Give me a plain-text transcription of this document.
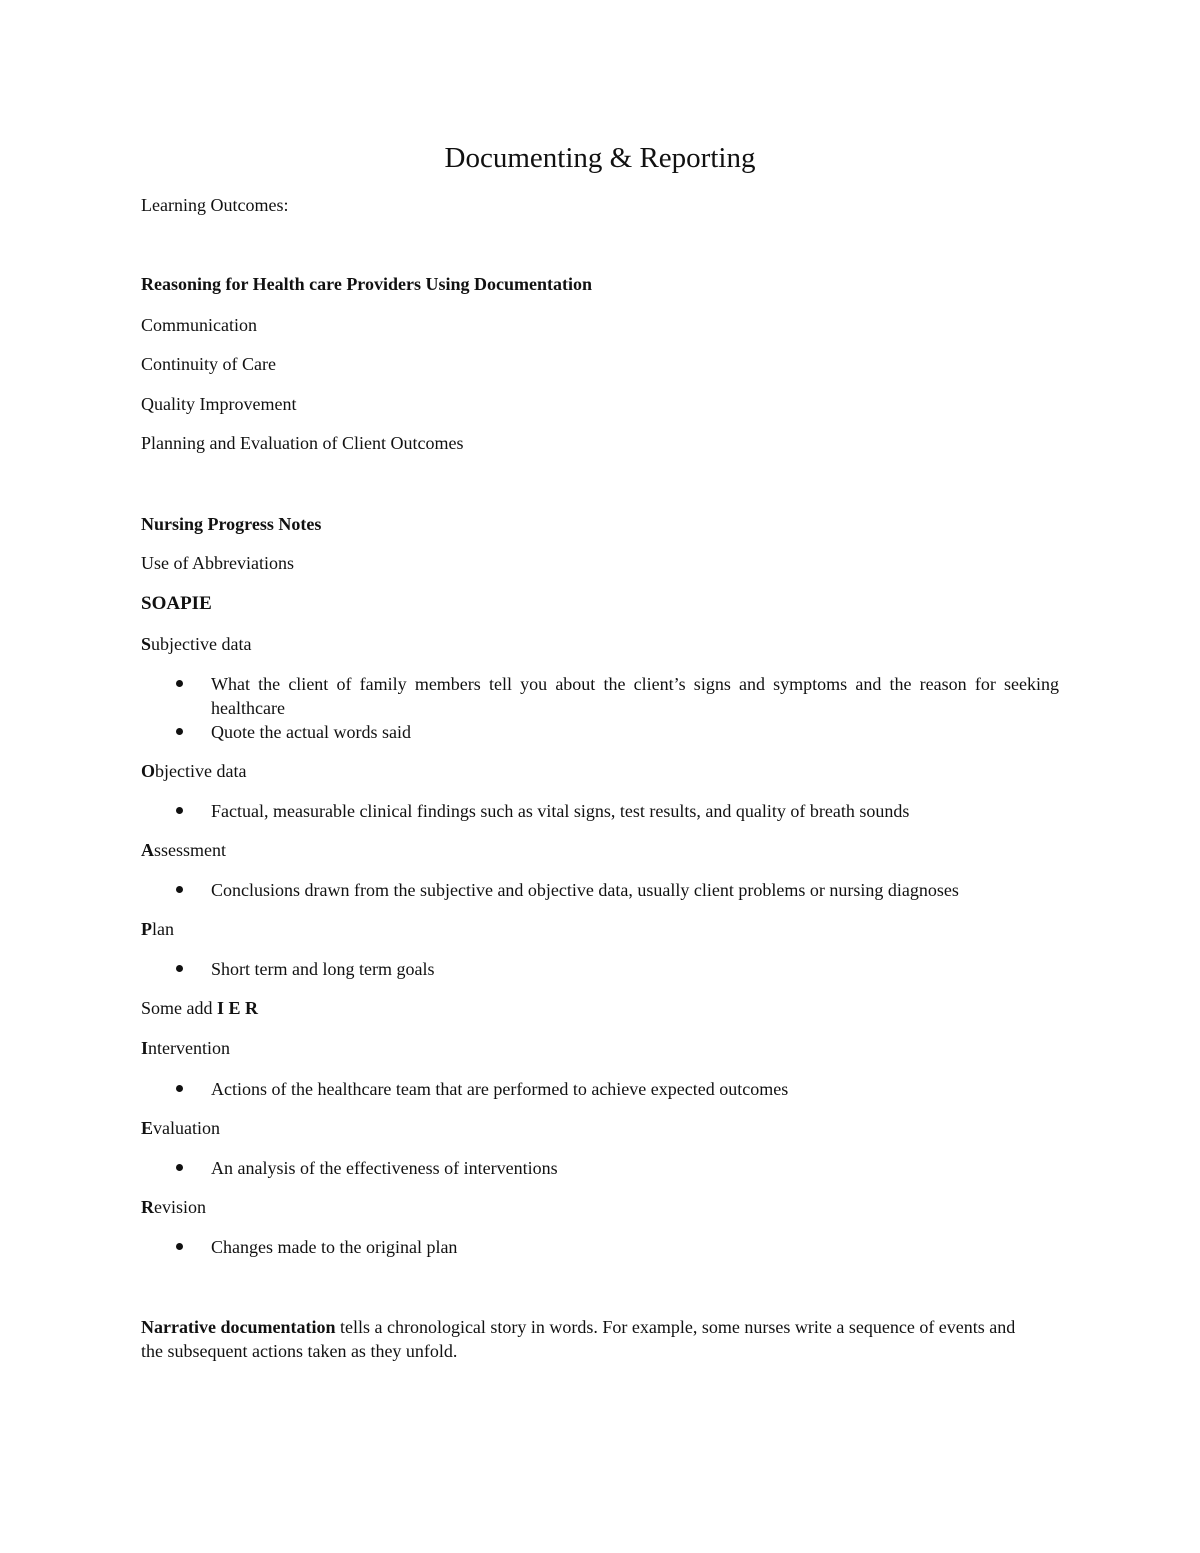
Documenting & Reporting
Learning Outcomes:
Reasoning for Health care Providers Using Documentation
Communication
Continuity of Care
Quality Improvement
Planning and Evaluation of Client Outcomes
Nursing Progress Notes
Use of Abbreviations
SOAPIE
Subjective data
What the client of family members tell you about the client’s signs and symptoms and the reason for seeking healthcare
Quote the actual words said
Objective data
Factual, measurable clinical findings such as vital signs, test results, and quality of breath sounds
Assessment
Conclusions drawn from the subjective and objective data, usually client problems or nursing diagnoses
Plan
Short term and long term goals
Some add I E R
Intervention
Actions of the healthcare team that are performed to achieve expected outcomes
Evaluation
An analysis of the effectiveness of interventions
Revision
Changes made to the original plan
Narrative documentation tells a chronological story in words. For example, some nurses write a sequence of events and the subsequent actions taken as they unfold.
